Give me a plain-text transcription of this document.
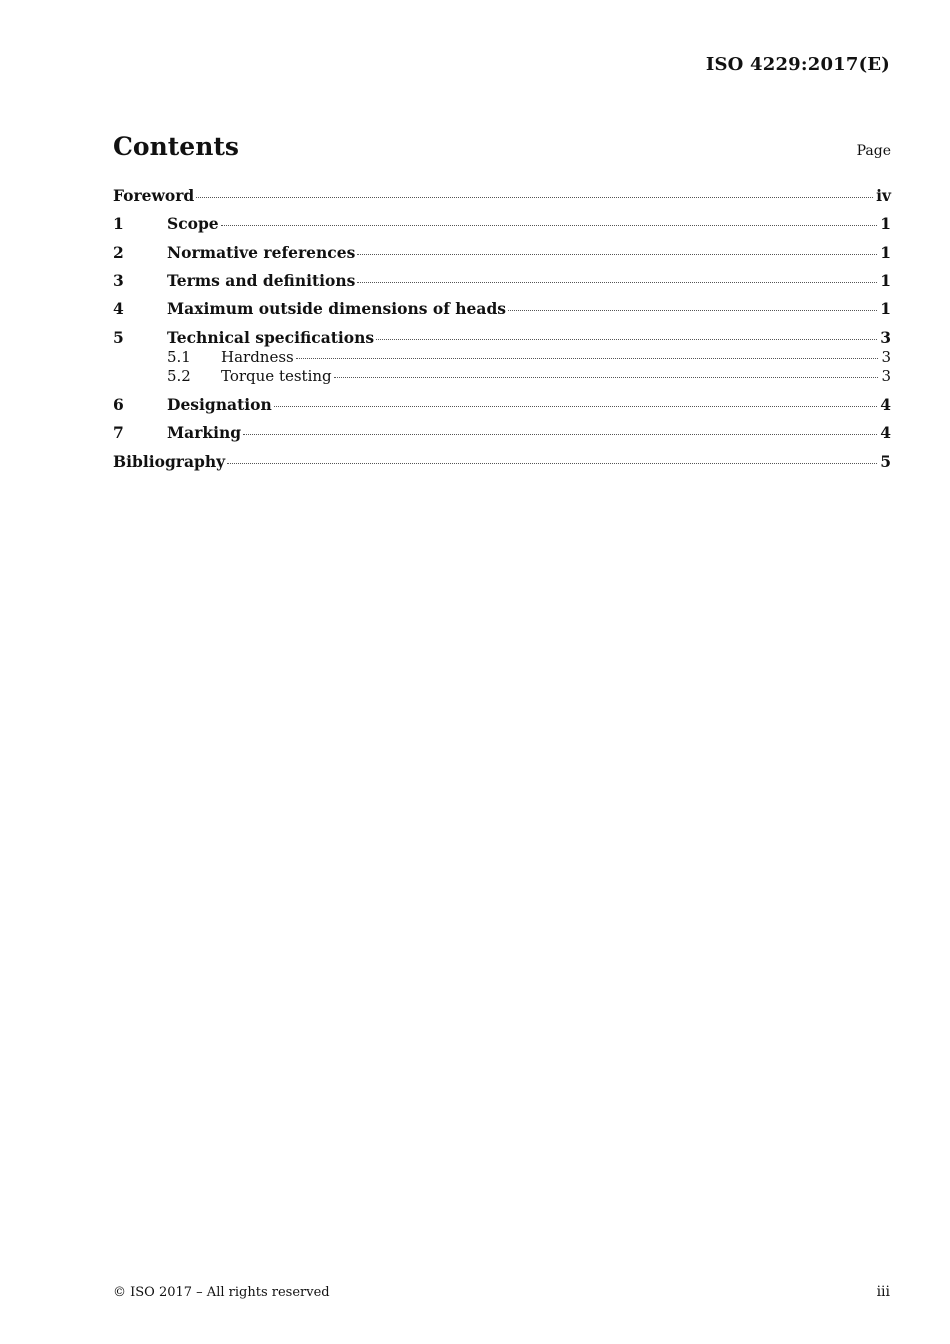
ISO 4229:2017(E)
Contents	Page
Foreword	iv
1	Scope	1
2	Normative references	1
3	Terms and definitions	1
4	Maximum outside dimensions of heads	1
5	Technical specifications	3
5.1	Hardness	3
5.2	Torque testing	3
6	Designation	4
7	Marking	4
Bibliography	5
© ISO 2017 – All rights reserved	iii
